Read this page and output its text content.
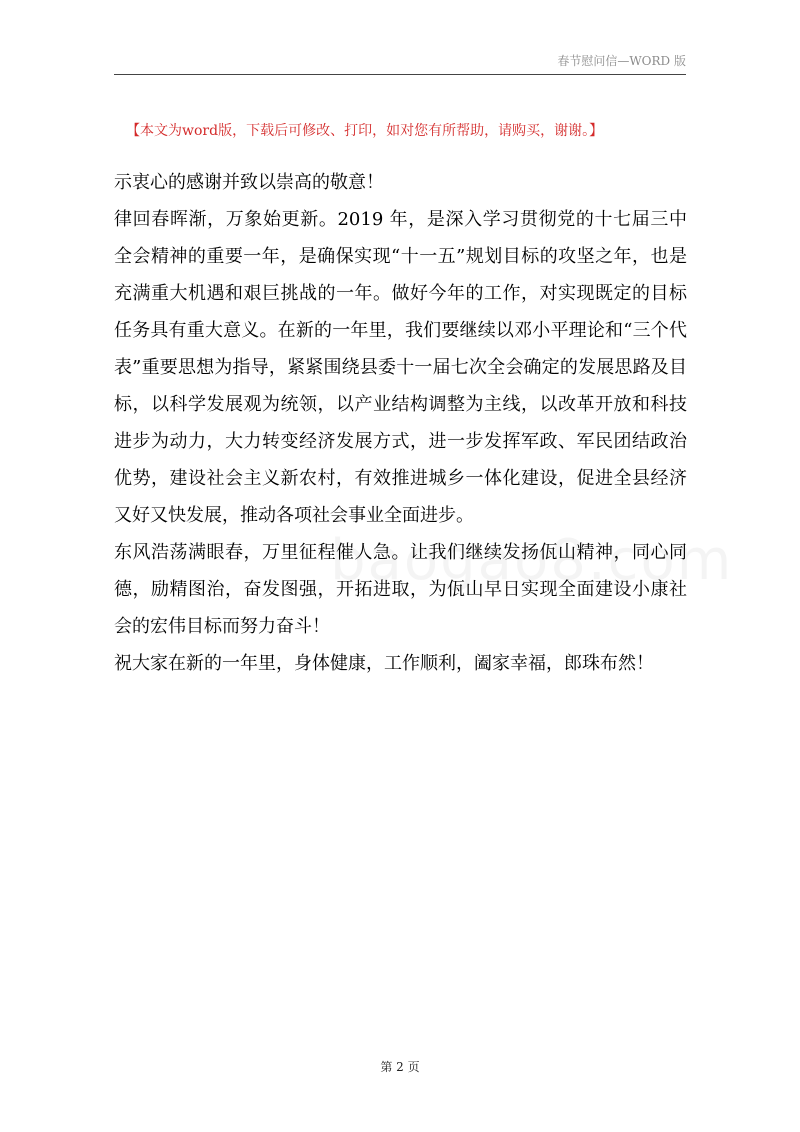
春节慰问信—WORD 版
【本文为word版，下载后可修改、打印，如对您有所帮助，请购买，谢谢。】

示衷心的感谢并致以崇高的敬意！

律回春晖渐，万象始更新。2019 年，是深入学习贯彻党的十七届三中全会精神的重要一年，是确保实现“十一五”规划目标的攻坚之年，也是充满重大机遇和艰巨挑战的一年。做好今年的工作，对实现既定的目标任务具有重大意义。在新的一年里，我们要继续以邓小平理论和“三个代表”重要思想为指导，紧紧围绕县委十一届七次全会确定的发展思路及目标，以科学发展观为统领，以产业结构调整为主线，以改革开放和科技进步为动力，大力转变经济发展方式，进一步发挥军政、军民团结政治优势，建设社会主义新农村，有效推进城乡一体化建设，促进全县经济又好又快发展，推动各项社会事业全面进步。

东风浩荡满眼春，万里征程催人急。让我们继续发扬佤山精神，同心同德，励精图治，奋发图强，开拓进取，为佤山早日实现全面建设小康社会的宏伟目标而努力奋斗！

祝大家在新的一年里，身体健康，工作顺利，阖家幸福，郎珠布然！

第 2 页
